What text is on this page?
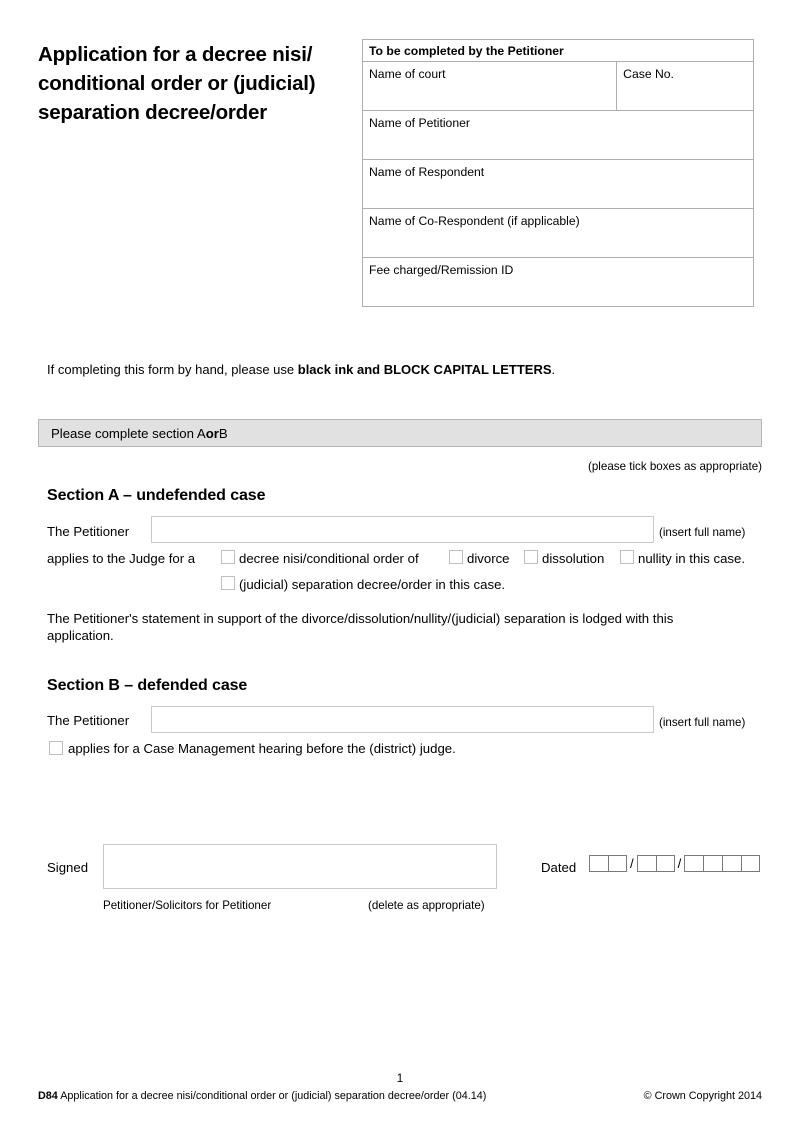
Application for a decree nisi/ conditional order or (judicial) separation decree/order
To be completed by the Petitioner
Name of court	Case No.
Name of Petitioner
Name of Respondent
Name of Co-Respondent (if applicable)
Fee charged/Remission ID
If completing this form by hand, please use black ink and BLOCK CAPITAL LETTERS.
Please complete section A or B
(please tick boxes as appropriate)
Section A – undefended case
The Petitioner	(insert full name)
applies to the Judge for a	decree nisi/conditional order of	divorce dissolution	nullity in this case.
(judicial) separation decree/order in this case.
The Petitioner's statement in support of the divorce/dissolution/nullity/(judicial) separation is lodged with this application.
Section B – defended case
The Petitioner	(insert full name)
applies for a Case Management hearing before the (district) judge.
Signed
Petitioner/Solicitors for Petitioner	(delete as appropriate)
Dated	/	/
1
D84 Application for a decree nisi/conditional order or (judicial) separation decree/order (04.14)	© Crown Copyright 2014
